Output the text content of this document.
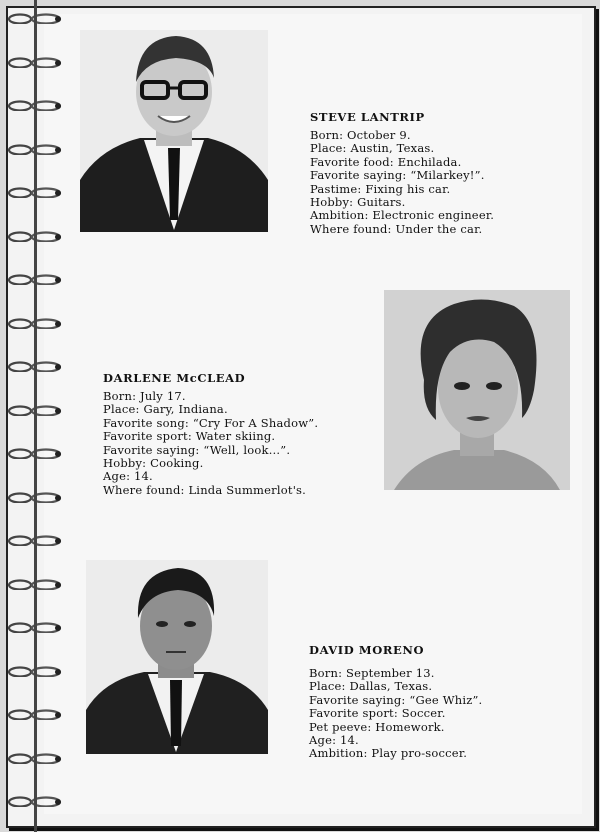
STEVE LANTRIP
Born: October 9.
Place: Austin, Texas.
Favorite food: Enchilada.
Favorite saying: “Milarkey!”.
Pastime: Fixing his car.
Hobby: Guitars.
Ambition: Electronic engineer.
Where found: Under the car.
DARLENE McCLEAD
Born: July 17.
Place: Gary, Indiana.
Favorite song: “Cry For A Shadow”.
Favorite sport: Water skiing.
Favorite saying: “Well, look…”.
Hobby: Cooking.
Age: 14.
Where found: Linda Summerlot's.
DAVID MORENO
Born: September 13.
Place: Dallas, Texas.
Favorite saying: “Gee Whiz”.
Favorite sport: Soccer.
Pet peeve: Homework.
Age: 14.
Ambition: Play pro-soccer.
